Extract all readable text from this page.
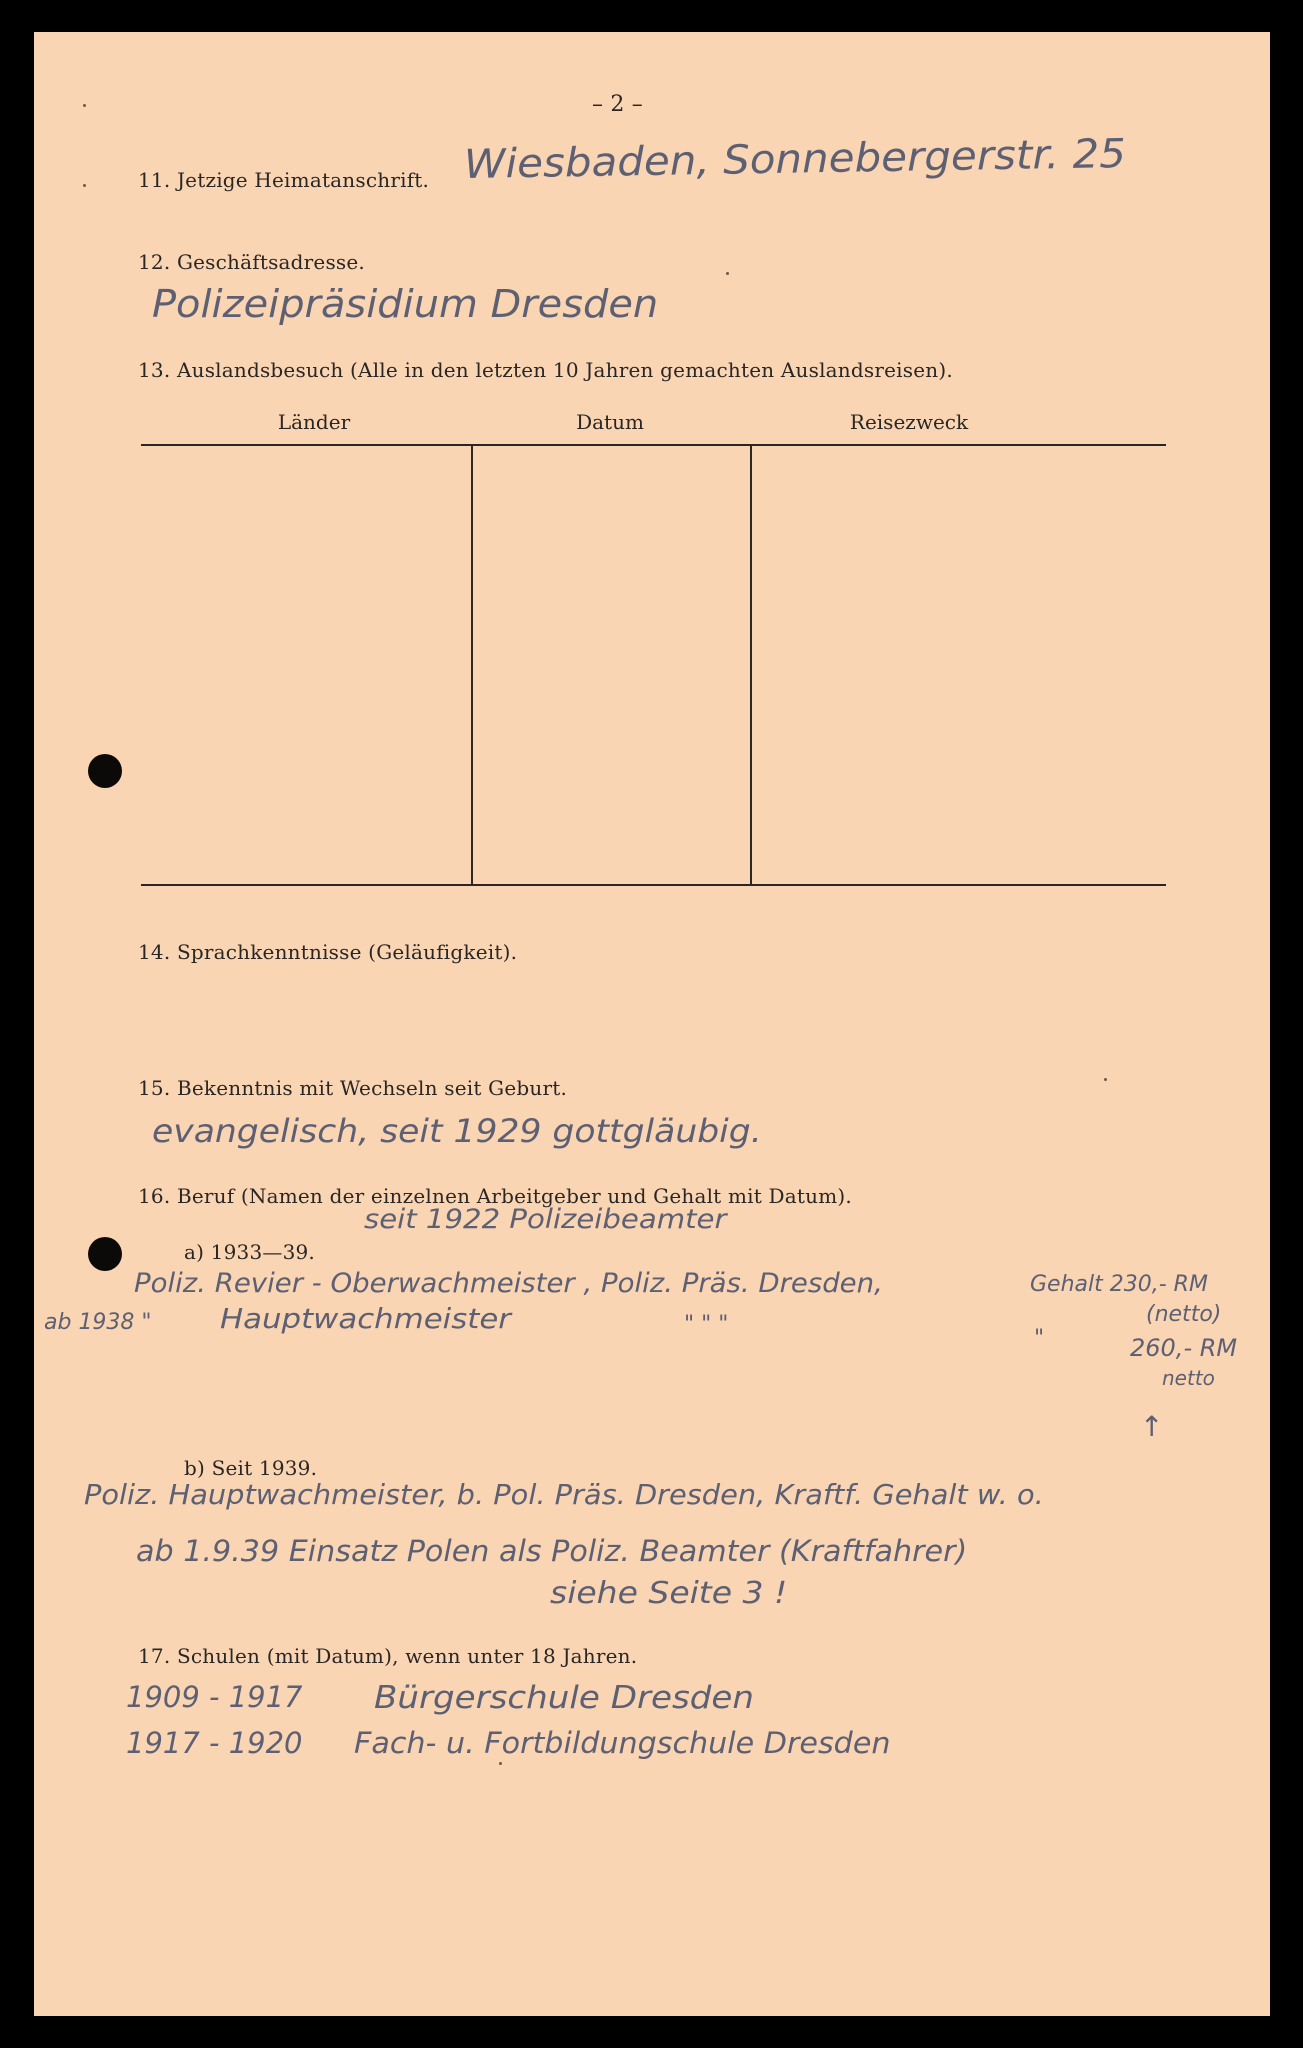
– 2 –
11. Jetzige Heimatanschrift. Wiesbaden, Sonnebergerstr. 25
12. Geschäftsadresse.
Polizeipräsidium Dresden
13. Auslandsbesuch (Alle in den letzten 10 Jahren gemachten Auslandsreisen).
Länder	Datum	Reisezweck
14. Sprachkenntnisse (Geläufigkeit).
15. Bekenntnis mit Wechseln seit Geburt.
evangelisch, seit 1929 gottgläubig.
16. Beruf (Namen der einzelnen Arbeitgeber und Gehalt mit Datum).
seit 1922 Polizeibeamter
a) 1933—39.
Poliz. Revier - Oberwachmeister , Poliz. Präs. Dresden,	Gehalt 230,- RM
(netto)
ab 1938 " Hauptwachmeister	" " "
"	260,- RM
netto
↑
b) Seit 1939.
Poliz. Hauptwachmeister, b. Pol. Präs. Dresden, Kraftf. Gehalt w. o.
ab 1.9.39 Einsatz Polen als Poliz. Beamter (Kraftfahrer)
siehe Seite 3 !
17. Schulen (mit Datum), wenn unter 18 Jahren.
1909 - 1917 Bürgerschule Dresden
1917 - 1920 Fach- u. Fortbildungschule Dresden
